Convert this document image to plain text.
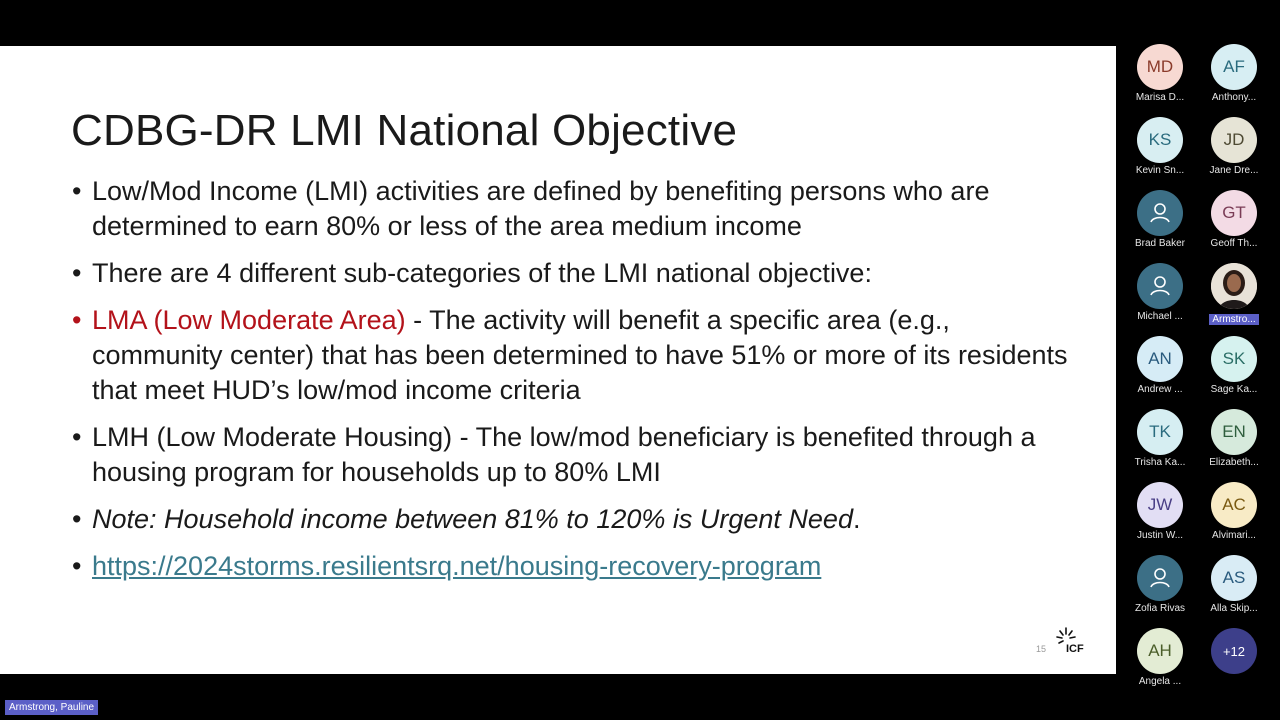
CDBG-DR LMI National Objective
• Low/Mod Income (LMI) activities are defined by benefiting persons who are determined to earn 80% or less of the area medium income
• There are 4 different sub-categories of the LMI national objective:
• LMA (Low Moderate Area) - The activity will benefit a specific area (e.g., community center) that has been determined to have 51% or more of its residents that meet HUD’s low/mod income criteria
• LMH (Low Moderate Housing) - The low/mod beneficiary is benefited through a housing program for households up to 80% LMI
• Note: Household income between 81% to 120% is Urgent Need.
• https://2024storms.resilientsrq.net/housing-recovery-program
15 ICF
MD
Marisa D...
AF
Anthony...
KS
Kevin Sn...
JD
Jane Dre...
Brad Baker
GT
Geoff Th...
Michael ...	Armstro...
AN
Andrew ...
SK
Sage Ka...
TK
Trisha Ka...
EN
Elizabeth...
JW
Justin W...
AC
Alvimari...
Zofia Rivas
AS
Alla Skip...
AH
Angela ...
+12
Armstrong, Pauline
